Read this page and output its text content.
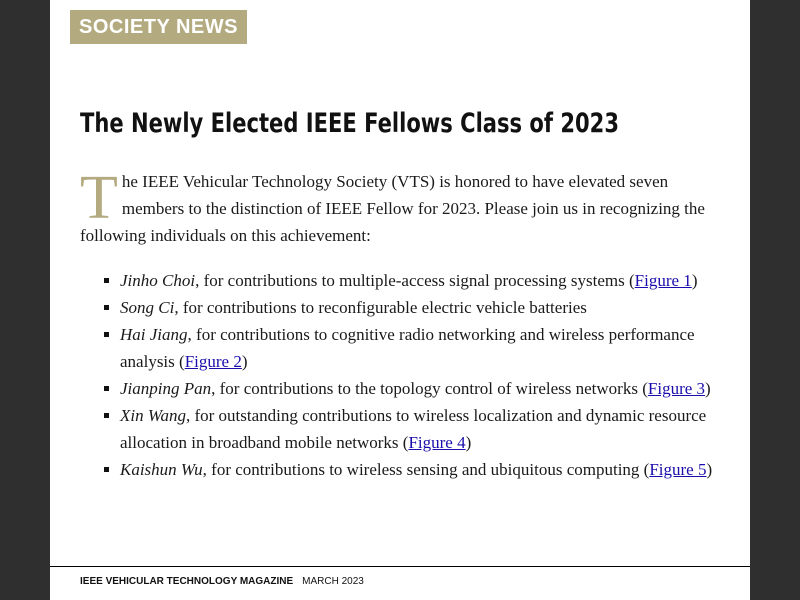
SOCIETY NEWS
The Newly Elected IEEE Fellows Class of 2023

The IEEE Vehicular Technology Society (VTS) is honored to have elevated seven members to the distinction of IEEE Fellow for 2023. Please join us in recognizing the following individuals on this achievement:

Jinho Choi, for contributions to multiple-access signal processing systems (Figure 1)
Song Ci, for contributions to reconfigurable electric vehicle batteries
Hai Jiang, for contributions to cognitive radio networking and wireless performance analysis (Figure 2)
Jianping Pan, for contributions to the topology control of wireless networks (Figure 3)
Xin Wang, for outstanding contributions to wireless localization and dynamic resource allocation in broadband mobile networks (Figure 4)
Kaishun Wu, for contributions to wireless sensing and ubiquitous computing (Figure 5)
IEEE VEHICULAR TECHNOLOGY MAGAZINE MARCH 2023
